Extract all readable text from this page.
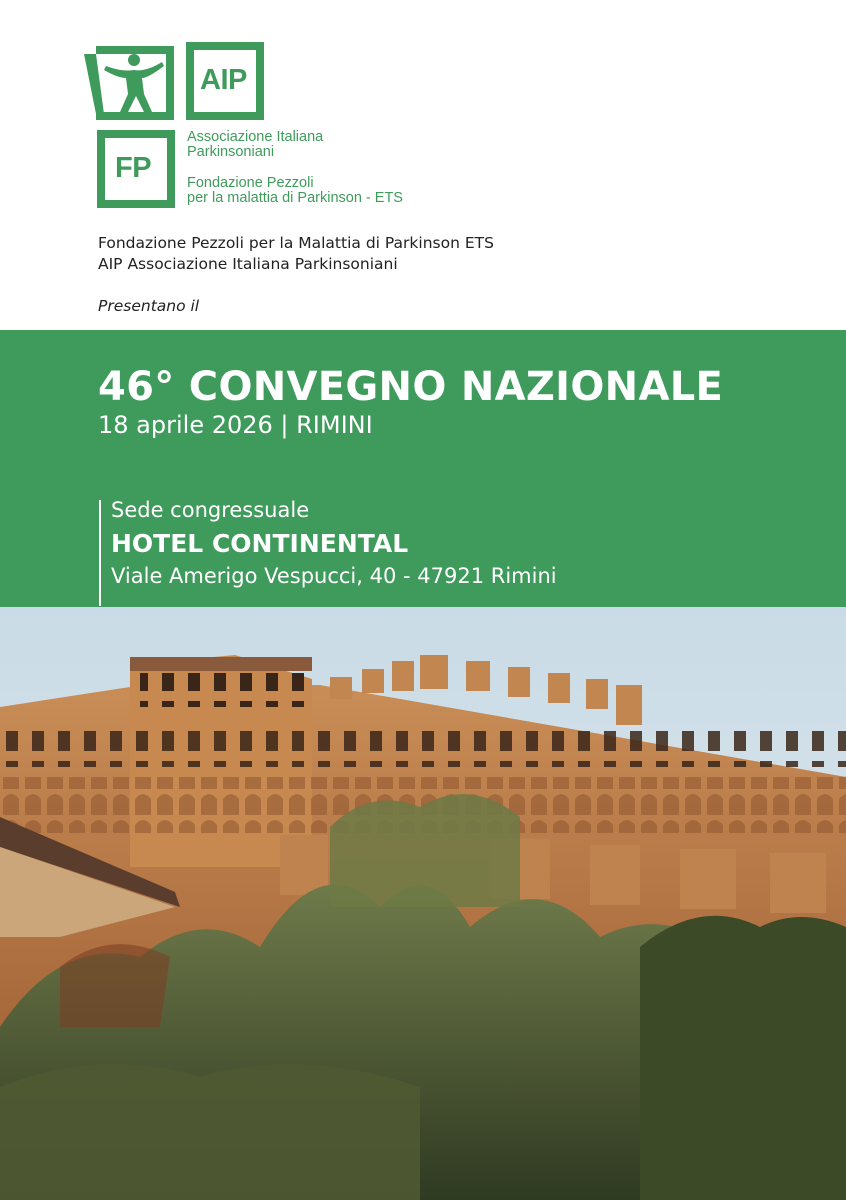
AIP
FP
Associazione Italiana
Parkinsoniani
Fondazione Pezzoli
per la malattia di Parkinson - ETS
Fondazione Pezzoli per la Malattia di Parkinson ETS
AIP Associazione Italiana Parkinsoniani
Presentano il
46° CONVEGNO NAZIONALE
18 aprile 2026 | RIMINI
Sede congressuale
HOTEL CONTINENTAL
Viale Amerigo Vespucci, 40 - 47921 Rimini
